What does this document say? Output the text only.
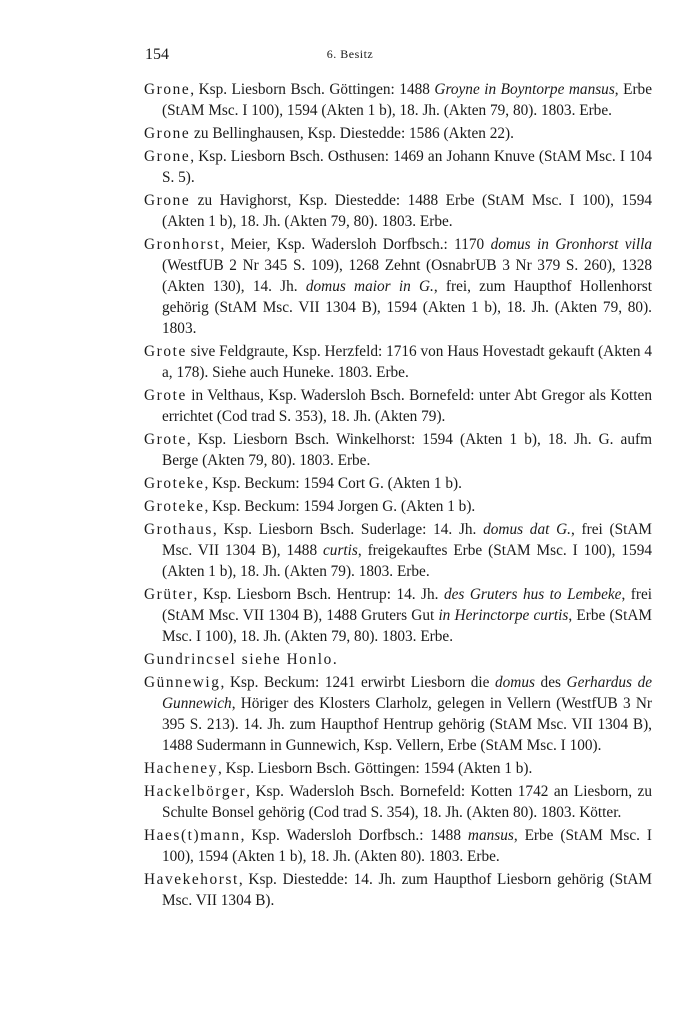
154	6. Besitz

Grone, Ksp. Liesborn Bsch. Göttingen: 1488 Groyne in Boyntorpe mansus, Erbe (StAM Msc. I 100), 1594 (Akten 1 b), 18. Jh. (Akten 79, 80). 1803. Erbe.

Grone zu Bellinghausen, Ksp. Diestedde: 1586 (Akten 22).

Grone, Ksp. Liesborn Bsch. Osthusen: 1469 an Johann Knuve (StAM Msc. I 104 S. 5).

Grone zu Havighorst, Ksp. Diestedde: 1488 Erbe (StAM Msc. I 100), 1594 (Akten 1 b), 18. Jh. (Akten 79, 80). 1803. Erbe.

Gronhorst, Meier, Ksp. Wadersloh Dorfbsch.: 1170 domus in Gronhorst villa (WestfUB 2 Nr 345 S. 109), 1268 Zehnt (OsnabrUB 3 Nr 379 S. 260), 1328 (Akten 130), 14. Jh. domus maior in G., frei, zum Haupthof Hollenhorst gehörig (StAM Msc. VII 1304 B), 1594 (Akten 1 b), 18. Jh. (Akten 79, 80). 1803.

Grote sive Feldgraute, Ksp. Herzfeld: 1716 von Haus Hovestadt gekauft (Akten 4 a, 178). Siehe auch Huneke. 1803. Erbe.

Grote in Velthaus, Ksp. Wadersloh Bsch. Bornefeld: unter Abt Gregor als Kotten errichtet (Cod trad S. 353), 18. Jh. (Akten 79).

Grote, Ksp. Liesborn Bsch. Winkelhorst: 1594 (Akten 1 b), 18. Jh. G. aufm Berge (Akten 79, 80). 1803. Erbe.

Groteke, Ksp. Beckum: 1594 Cort G. (Akten 1 b).

Groteke, Ksp. Beckum: 1594 Jorgen G. (Akten 1 b).

Grothaus, Ksp. Liesborn Bsch. Suderlage: 14. Jh. domus dat G., frei (StAM Msc. VII 1304 B), 1488 curtis, freigekauftes Erbe (StAM Msc. I 100), 1594 (Akten 1 b), 18. Jh. (Akten 79). 1803. Erbe.

Grüter, Ksp. Liesborn Bsch. Hentrup: 14. Jh. des Gruters hus to Lembeke, frei (StAM Msc. VII 1304 B), 1488 Gruters Gut in Herinctorpe curtis, Erbe (StAM Msc. I 100), 18. Jh. (Akten 79, 80). 1803. Erbe.

Gundrincsel siehe Honlo.

Günnewig, Ksp. Beckum: 1241 erwirbt Liesborn die domus des Gerhardus de Gunnewich, Höriger des Klosters Clarholz, gelegen in Vellern (WestfUB 3 Nr 395 S. 213). 14. Jh. zum Haupthof Hentrup gehörig (StAM Msc. VII 1304 B), 1488 Sudermann in Gunnewich, Ksp. Vellern, Erbe (StAM Msc. I 100).

Hacheney, Ksp. Liesborn Bsch. Göttingen: 1594 (Akten 1 b).

Hackelbörger, Ksp. Wadersloh Bsch. Bornefeld: Kotten 1742 an Liesborn, zu Schulte Bonsel gehörig (Cod trad S. 354), 18. Jh. (Akten 80). 1803. Kötter.

Haes(t)mann, Ksp. Wadersloh Dorfbsch.: 1488 mansus, Erbe (StAM Msc. I 100), 1594 (Akten 1 b), 18. Jh. (Akten 80). 1803. Erbe.

Havekehorst, Ksp. Diestedde: 14. Jh. zum Haupthof Liesborn gehörig (StAM Msc. VII 1304 B).
